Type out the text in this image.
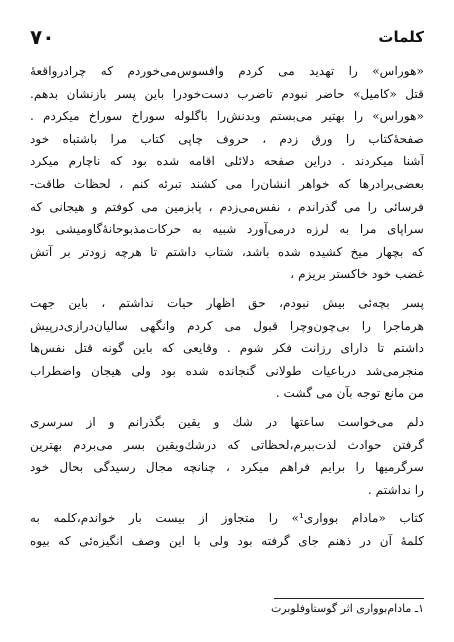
کلمات
۷۰
«هوراس» را تهدید می کردم وافسوس‌می‌خوردم که چرادرواقعهٔ
قتل «کامیل» حاضر نبودم تاضرب دست‌خودرا باین پسر بازنشان بدهم.
«هوراس» را بهتیر می‌بستم وبدنش‌را باگلوله سوراخ سوراخ میکردم .
صفحهٔ‌کتاب را ورق زدم ، حروف چاپی کتاب مرا باشتباه خود
آشنا میکردند . دراین صفحه دلائلی اقامه شده بود که ناچارم میکرد
بعضی‌برادرها که خواهر انشان‌را می کشند تبرئه کنم ، لحظات طاقت-
فرسائی را می گذراندم ، نفس‌می‌زدم ، پابزمین می کوفتم و هیجانی که
سراپای مرا به لرزه درمی‌آورد شبیه به حرکات‌مذبوحانهٔ‌گاومیشی بود
که بچهار میخ کشیده شده باشد، شتاب داشتم تا هرچه زودتر بر آتش
غضب خود خاکستر بریزم ،
پسر بچه‌ئی بیش نبودم، حق اظهار حیات نداشتم ، باین جهت
هرماجرا را بی‌چون‌وچرا قبول می کردم وانگهی سالیان‌درازی‌درپیش
داشتم تا دارای رزانت فکر شوم . وقایعی که باین گونه قتل نفس‌ها
منجرمی‌شد درباعیات طولانی گنجانده شده بود ولی هیجان واضطراب
من مانع توجه بآن می گشت .
دلم می‌خواست ساعتها در شك و یقین بگذرانم و از سرسری
گرفتن حوادث لذت‌ببرم،لحظاتی که درشك‌ویقین بسر می‌بردم بهترین
سرگرمیها را برایم فراهم میکرد ، چنانچه مجال رسیدگی بحال خود
را نداشتم .
کتاب «مادام بوواری¹» را متجاوز از بیست بار خواندم،کلمه به
کلمهٔ آن در ذهنم جای گرفته بود ولی با این وصف انگیزه‌ئی که بیوه
۱ـ مادام‌بوواری اثر گوستاوفلوبرت
